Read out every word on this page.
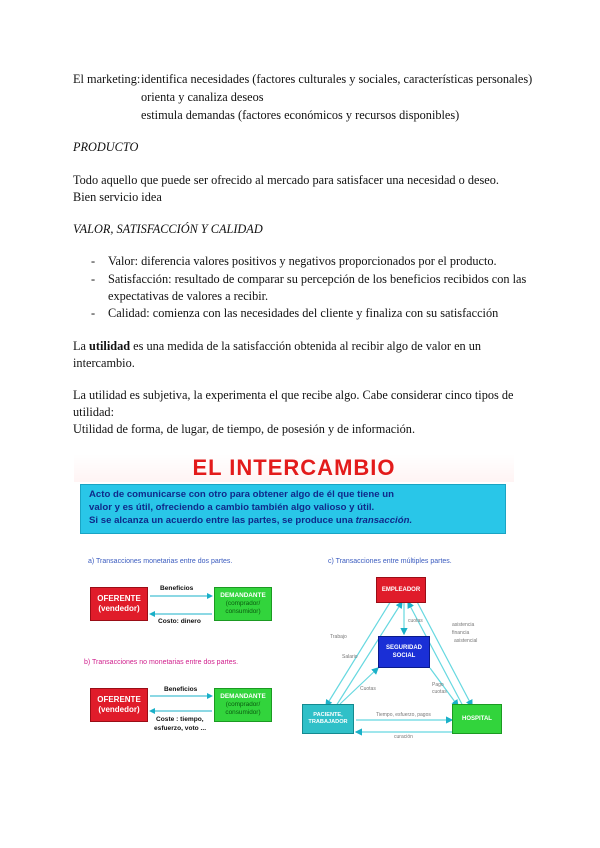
El marketing: identifica necesidades (factores culturales y sociales, características personales)
orienta y canaliza deseos
estimula demandas (factores económicos y recursos disponibles)
PRODUCTO
Todo aquello que puede ser ofrecido al mercado para satisfacer una necesidad o deseo.
Bien servicio idea
VALOR, SATISFACCIÓN Y CALIDAD
- Valor: diferencia valores positivos y negativos proporcionados por el producto.
- Satisfacción: resultado de comparar su percepción de los beneficios recibidos con las
expectativas de valores a recibir.
- Calidad: comienza con las necesidades del cliente y finaliza con su satisfacción
La utilidad es una medida de la satisfacción obtenida al recibir algo de valor en un
intercambio.
La utilidad es subjetiva, la experimenta el que recibe algo. Cabe considerar cinco tipos de
utilidad:
Utilidad de forma, de lugar, de tiempo, de posesión y de información.
EL INTERCAMBIO
Acto de comunicarse con otro para obtener algo de él que tiene un
valor y es útil, ofreciendo a cambio también algo valioso y útil.
Si se alcanza un acuerdo entre las partes, se produce una transacción.
a) Transacciones monetarias entre dos partes.
b) Transacciones no monetarias entre dos partes.
c) Transacciones entre múltiples partes.
OFERENTE
(vendedor)
Beneficios
DEMANDANTE
(comprador/
consumidor)
Costo: dinero
OFERENTE
(vendedor)
Beneficios
DEMANDANTE
(comprador/
consumidor)
Coste : tiempo,
esfuerzo, voto ...
EMPLEADOR
SEGURIDAD
SOCIAL
PACIENTE,
TRABAJADOR	HOSPITAL
Trabajo
Salario
asistencia
financia
asistencial
cuotas
Cuotas
Pago
cuotas
Tiempo, esfuerzo, pagos
curación
